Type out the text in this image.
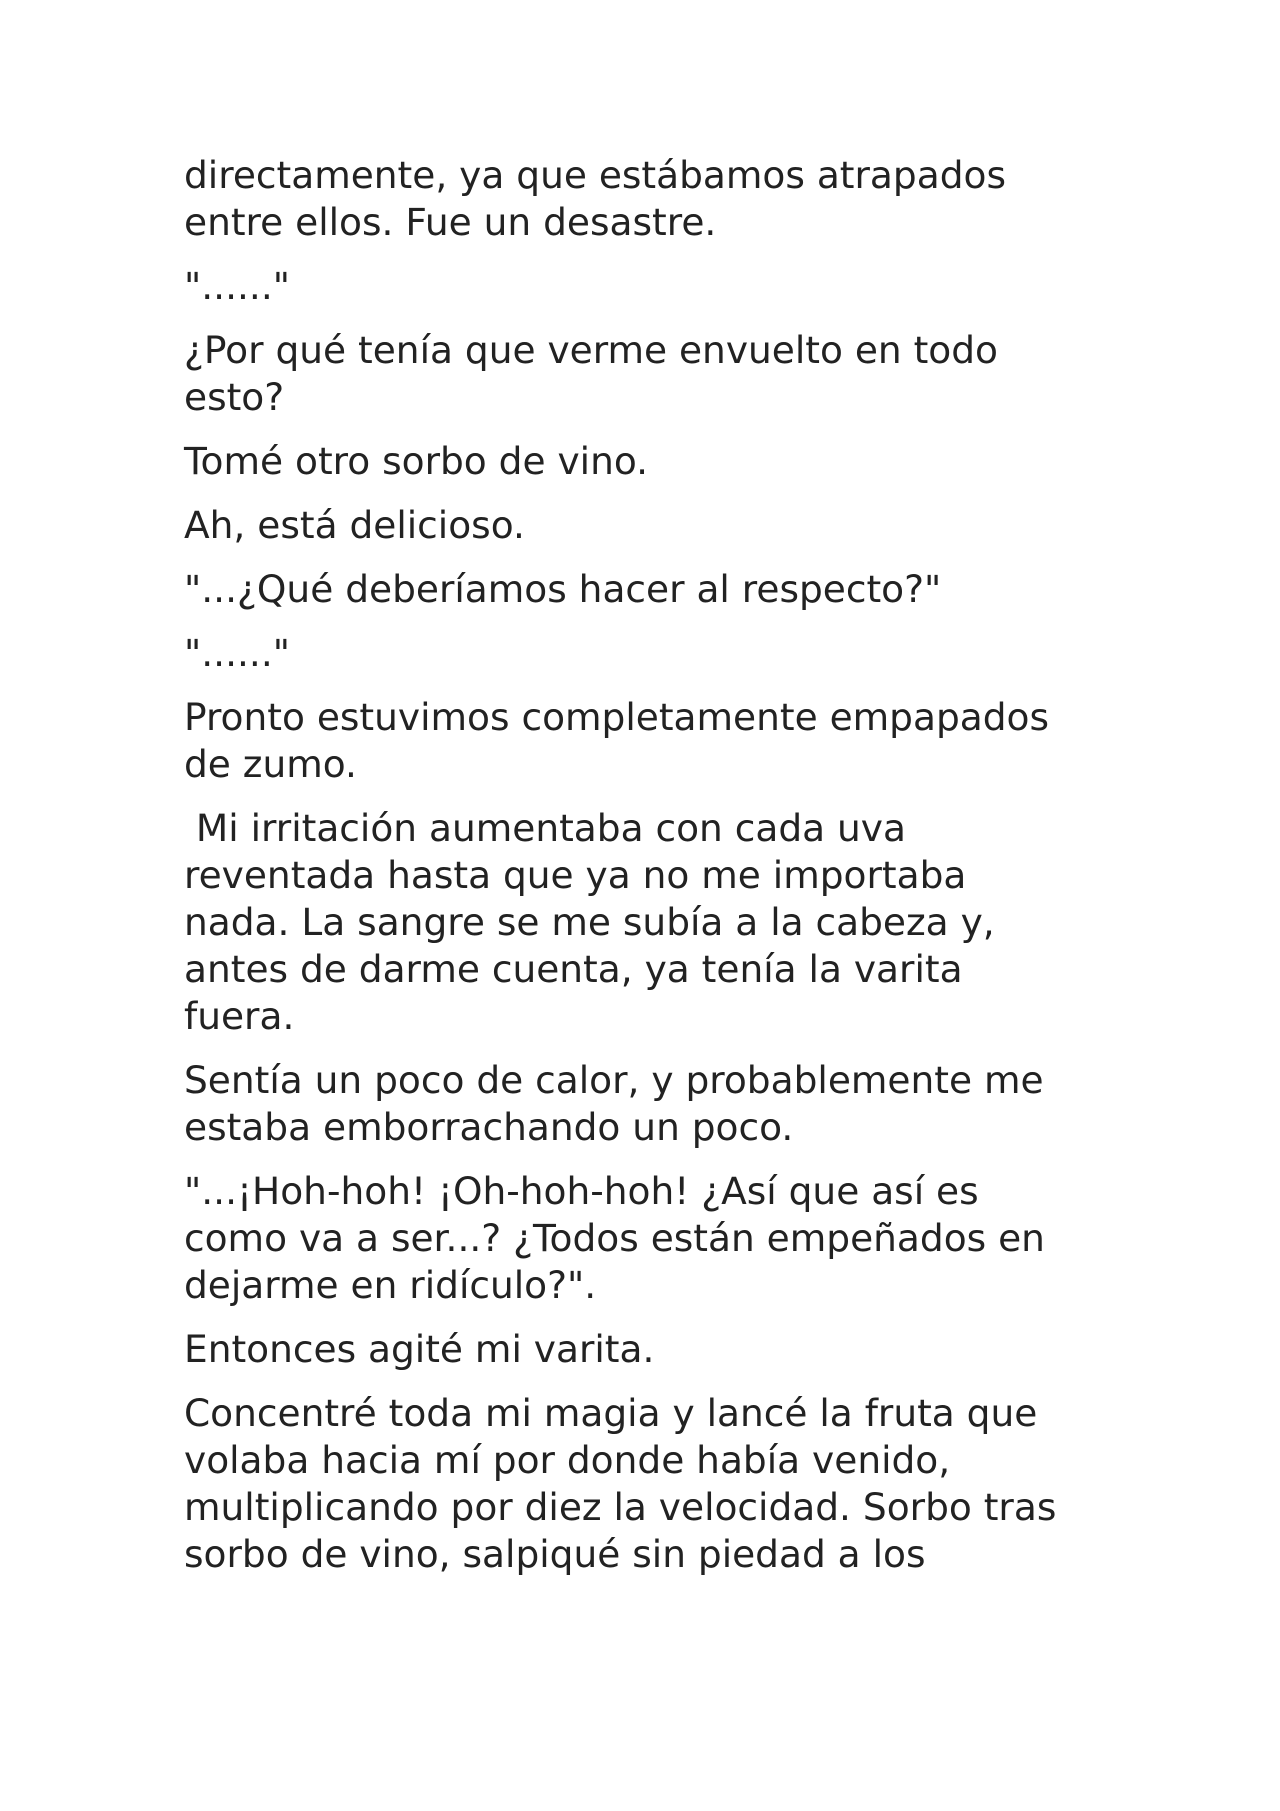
directamente, ya que estábamos atrapados
entre ellos. Fue un desastre.

"......"

¿Por qué tenía que verme envuelto en todo
esto?

Tomé otro sorbo de vino.

Ah, está delicioso.

"...¿Qué deberíamos hacer al respecto?"

"......"

Pronto estuvimos completamente empapados
de zumo.

Mi irritación aumentaba con cada uva
reventada hasta que ya no me importaba
nada. La sangre se me subía a la cabeza y,
antes de darme cuenta, ya tenía la varita
fuera.

Sentía un poco de calor, y probablemente me
estaba emborrachando un poco.

"...¡Hoh-hoh! ¡Oh-hoh-hoh! ¿Así que así es
como va a ser...? ¿Todos están empeñados en
dejarme en ridículo?".

Entonces agité mi varita.

Concentré toda mi magia y lancé la fruta que
volaba hacia mí por donde había venido,
multiplicando por diez la velocidad. Sorbo tras
sorbo de vino, salpiqué sin piedad a los
